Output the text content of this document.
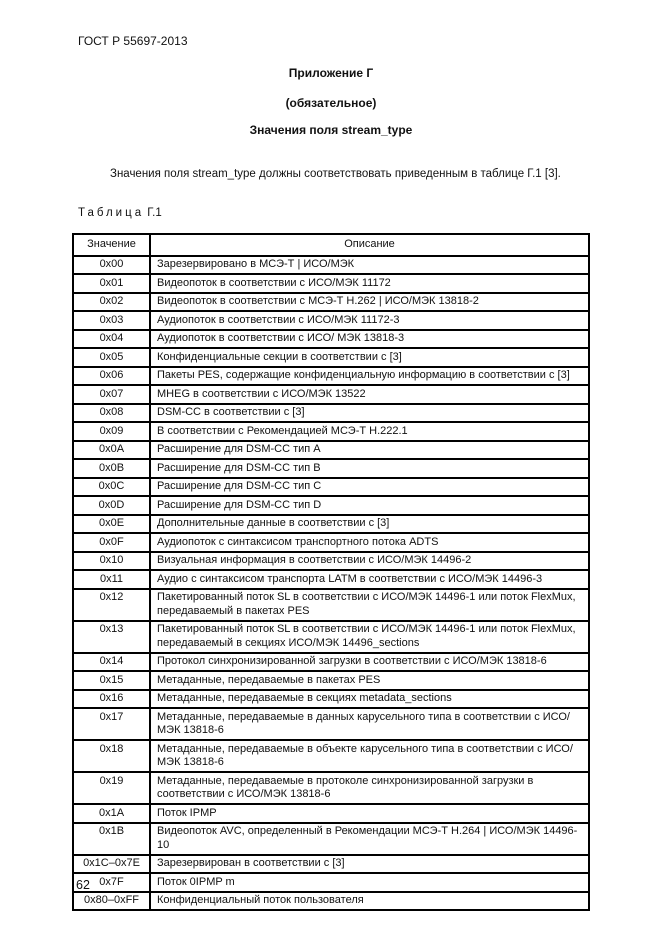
ГОСТ Р 55697-2013
Приложение Г
(обязательное)
Значения поля stream_type

Значения поля stream_type должны соответствовать приведенным в таблице Г.1 [3].

Таблица Г.1
Значение	Описание
0x00	Зарезервировано в МСЭ-Т | ИСО/МЭК
0x01	Видеопоток в соответствии с ИСО/МЭК 11172
0x02	Видеопоток в соответствии с МСЭ-Т Н.262 | ИСО/МЭК 13818-2
0x03	Аудиопоток в соответствии с ИСО/МЭК 11172-3
0x04	Аудиопоток в соответствии с ИСО/ МЭК 13818-3
0x05	Конфиденциальные секции в соответствии с [3]
0x06	Пакеты PES, содержащие конфиденциальную информацию в соответствии с [3]
0x07	MHEG в соответствии с ИСО/МЭК 13522
0x08	DSM-CC в соответствии с [3]
0x09	В соответствии с Рекомендацией МСЭ-Т Н.222.1
0x0A	Расширение для DSM-CC тип А
0x0B	Расширение для DSM-CC тип В
0x0C	Расширение для DSM-CC тип С
0x0D	Расширение для DSM-CC тип D
0x0E	Дополнительные данные в соответствии с [3]
0x0F	Аудиопоток с синтаксисом транспортного потока ADTS
0x10	Визуальная информация в соответствии с ИСО/МЭК 14496-2
0x11	Аудио с синтаксисом транспорта LATM в соответствии с ИСО/МЭК 14496-3
0x12	Пакетированный поток SL в соответствии с ИСО/МЭК 14496-1 или поток FlexMux, передаваемый в пакетах PES
0x13	Пакетированный поток SL в соответствии с ИСО/МЭК 14496-1 или поток FlexMux, передаваемый в секциях ИСО/МЭК 14496_sections
0x14	Протокол синхронизированной загрузки в соответствии с ИСО/МЭК 13818-6
0x15	Метаданные, передаваемые в пакетах PES
0x16	Метаданные, передаваемые в секциях metadata_sections
0x17	Метаданные, передаваемые в данных карусельного типа в соответствии с ИСО/МЭК 13818-6
0x18	Метаданные, передаваемые в объекте карусельного типа в соответствии с ИСО/МЭК 13818-6
0x19	Метаданные, передаваемые в протоколе синхронизированной загрузки в соответствии с ИСО/МЭК 13818-6
0x1A	Поток IPMP
0x1B	Видеопоток AVC, определенный в Рекомендации МСЭ-Т Н.264 | ИСО/МЭК 14496-10
0x1C–0x7E	Зарезервирован в соответствии с [3]
0x7F	Поток 0IPMP m
0x80–0xFF	Конфиденциальный поток пользователя
62
